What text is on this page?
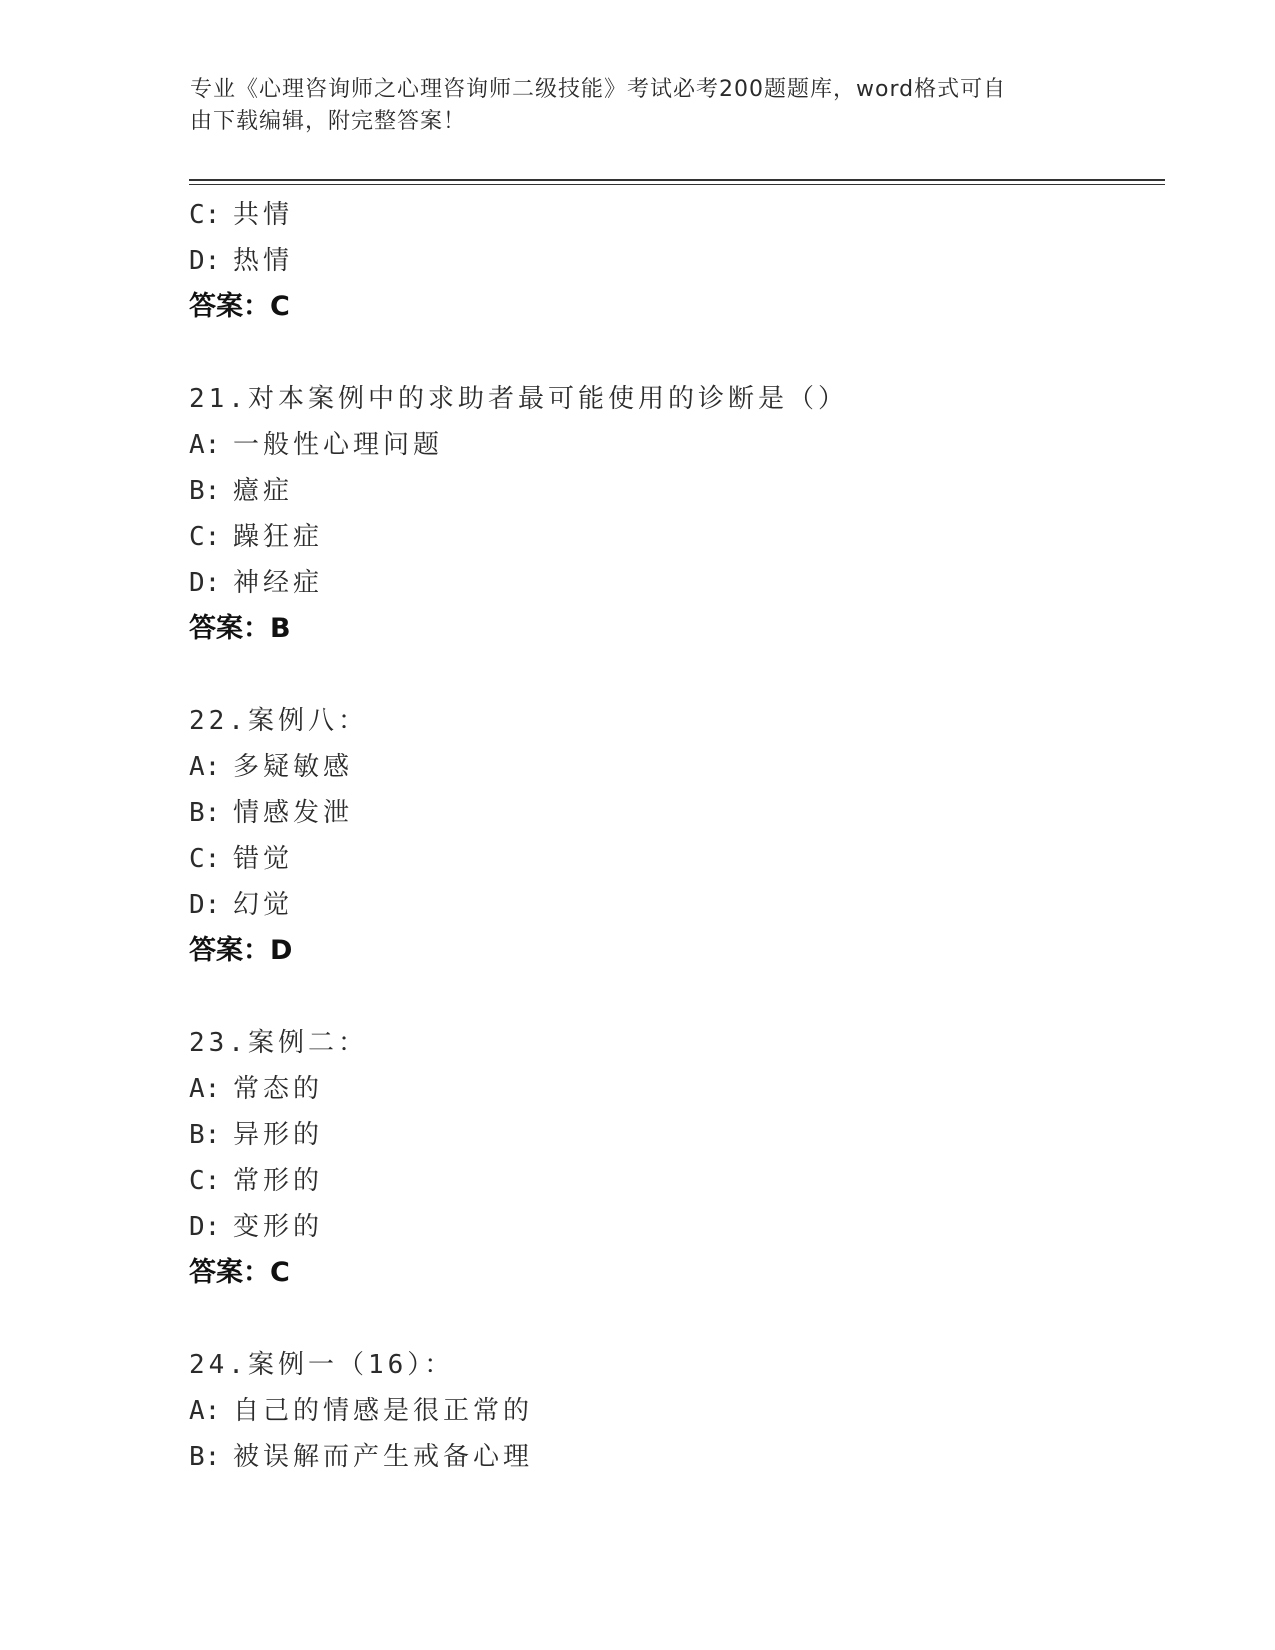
专业《心理咨询师之心理咨询师二级技能》考试必考200题题库，word格式可自
由下载编辑，附完整答案！
C: 共情
D: 热情
答案：C
21.对本案例中的求助者最可能使用的诊断是（）
A: 一般性心理问题
B: 癔症
C: 躁狂症
D: 神经症
答案：B
22.案例八：
A: 多疑敏感
B: 情感发泄
C: 错觉
D: 幻觉
答案：D
23.案例二：
A: 常态的
B: 异形的
C: 常形的
D: 变形的
答案：C
24.案例一（16）：
A: 自己的情感是很正常的
B: 被误解而产生戒备心理
